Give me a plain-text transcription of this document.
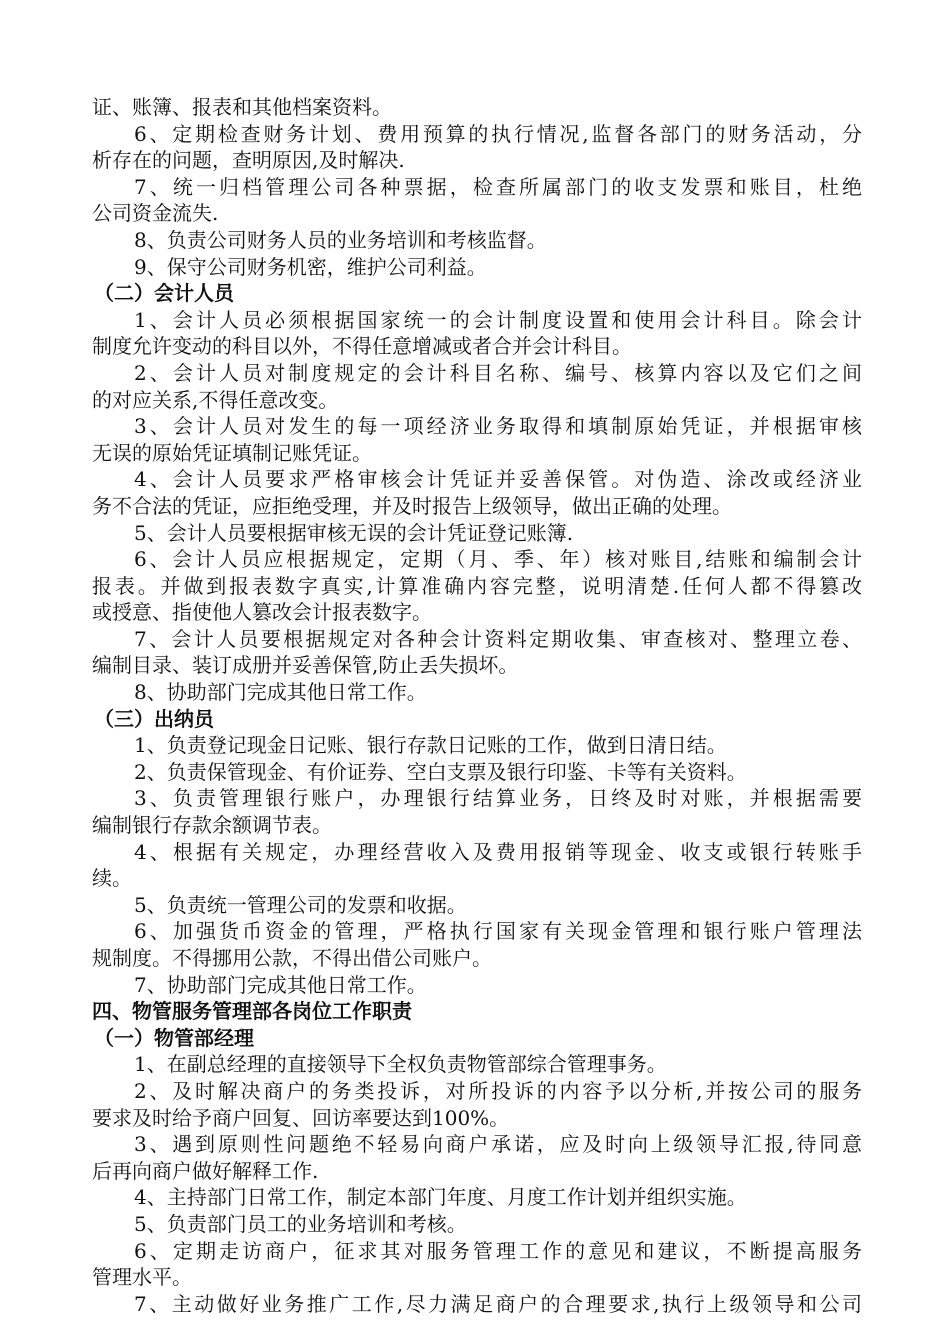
证、账簿、报表和其他档案资料。
6、定期检查财务计划、费用预算的执行情况,监督各部门的财务活动，分
析存在的问题，查明原因,及时解决.
7、统一归档管理公司各种票据，检查所属部门的收支发票和账目，杜绝
公司资金流失.
8、负责公司财务人员的业务培训和考核监督。
9、保守公司财务机密，维护公司利益。
（二）会计人员
1、会计人员必须根据国家统一的会计制度设置和使用会计科目。除会计
制度允许变动的科目以外，不得任意增减或者合并会计科目。
2、会计人员对制度规定的会计科目名称、编号、核算内容以及它们之间
的对应关系,不得任意改变。
3、会计人员对发生的每一项经济业务取得和填制原始凭证，并根据审核
无误的原始凭证填制记账凭证。
4、会计人员要求严格审核会计凭证并妥善保管。对伪造、涂改或经济业
务不合法的凭证，应拒绝受理，并及时报告上级领导，做出正确的处理。
5、会计人员要根据审核无误的会计凭证登记账簿.
6、会计人员应根据规定，定期（月、季、年）核对账目,结账和编制会计
报表。并做到报表数字真实,计算准确内容完整，说明清楚.任何人都不得篡改
或授意、指使他人篡改会计报表数字。
7、会计人员要根据规定对各种会计资料定期收集、审查核对、整理立卷、
编制目录、装订成册并妥善保管,防止丢失损坏。
8、协助部门完成其他日常工作。
（三）出纳员
1、负责登记现金日记账、银行存款日记账的工作，做到日清日结。
2、负责保管现金、有价证券、空白支票及银行印鉴、卡等有关资料。
3、负责管理银行账户，办理银行结算业务，日终及时对账，并根据需要
编制银行存款余额调节表。
4、根据有关规定，办理经营收入及费用报销等现金、收支或银行转账手
续。
5、负责统一管理公司的发票和收据。
6、加强货币资金的管理，严格执行国家有关现金管理和银行账户管理法
规制度。不得挪用公款，不得出借公司账户。
7、协助部门完成其他日常工作。
四、物管服务管理部各岗位工作职责
（一）物管部经理
1、在副总经理的直接领导下全权负责物管部综合管理事务。
2、及时解决商户的务类投诉，对所投诉的内容予以分析,并按公司的服务
要求及时给予商户回复、回访率要达到100%。
3、遇到原则性问题绝不轻易向商户承诺，应及时向上级领导汇报,待同意
后再向商户做好解释工作.
4、主持部门日常工作，制定本部门年度、月度工作计划并组织实施。
5、负责部门员工的业务培训和考核。
6、定期走访商户，征求其对服务管理工作的意见和建议，不断提高服务
管理水平。
7、主动做好业务推广工作,尽力满足商户的合理要求,执行上级领导和公司
